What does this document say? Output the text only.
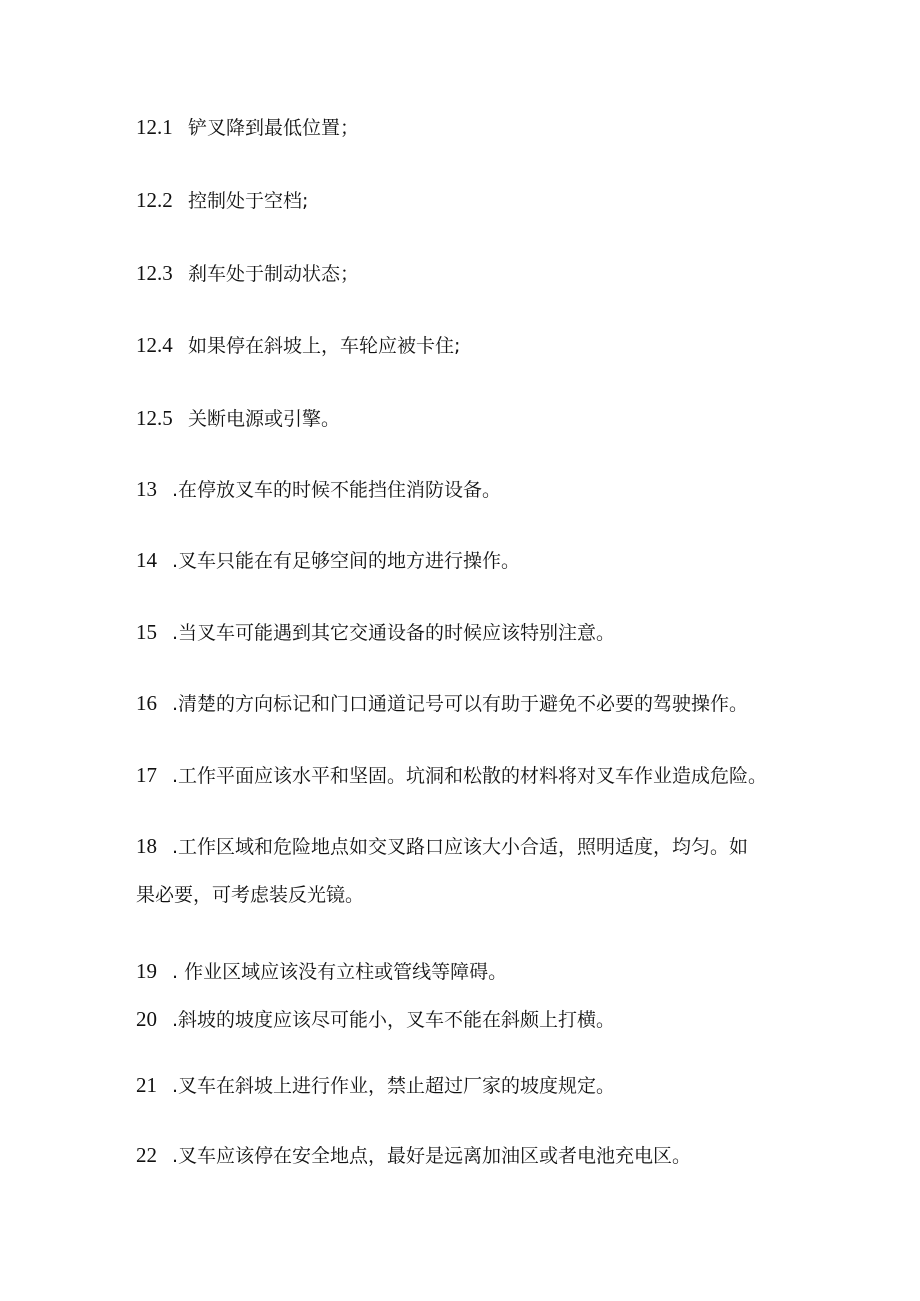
12.1 铲叉降到最低位置；
12.2 控制处于空档;
12.3 刹车处于制动状态；
12.4 如果停在斜坡上，车轮应被卡住;
12.5 关断电源或引擎。
13 .在停放叉车的时候不能挡住消防设备。
14 .叉车只能在有足够空间的地方进行操作。
15 .当叉车可能遇到其它交通设备的时候应该特别注意。
16 .清楚的方向标记和门口通道记号可以有助于避免不必要的驾驶操作。
17 .工作平面应该水平和坚固。坑洞和松散的材料将对叉车作业造成危险。
18 .工作区域和危险地点如交叉路口应该大小合适，照明适度，均匀。如
果必要，可考虑装反光镜。
19 . 作业区域应该没有立柱或管线等障碍。
20 .斜坡的坡度应该尽可能小，叉车不能在斜颇上打横。
21 .叉车在斜坡上进行作业，禁止超过厂家的坡度规定。
22 .叉车应该停在安全地点，最好是远离加油区或者电池充电区。
